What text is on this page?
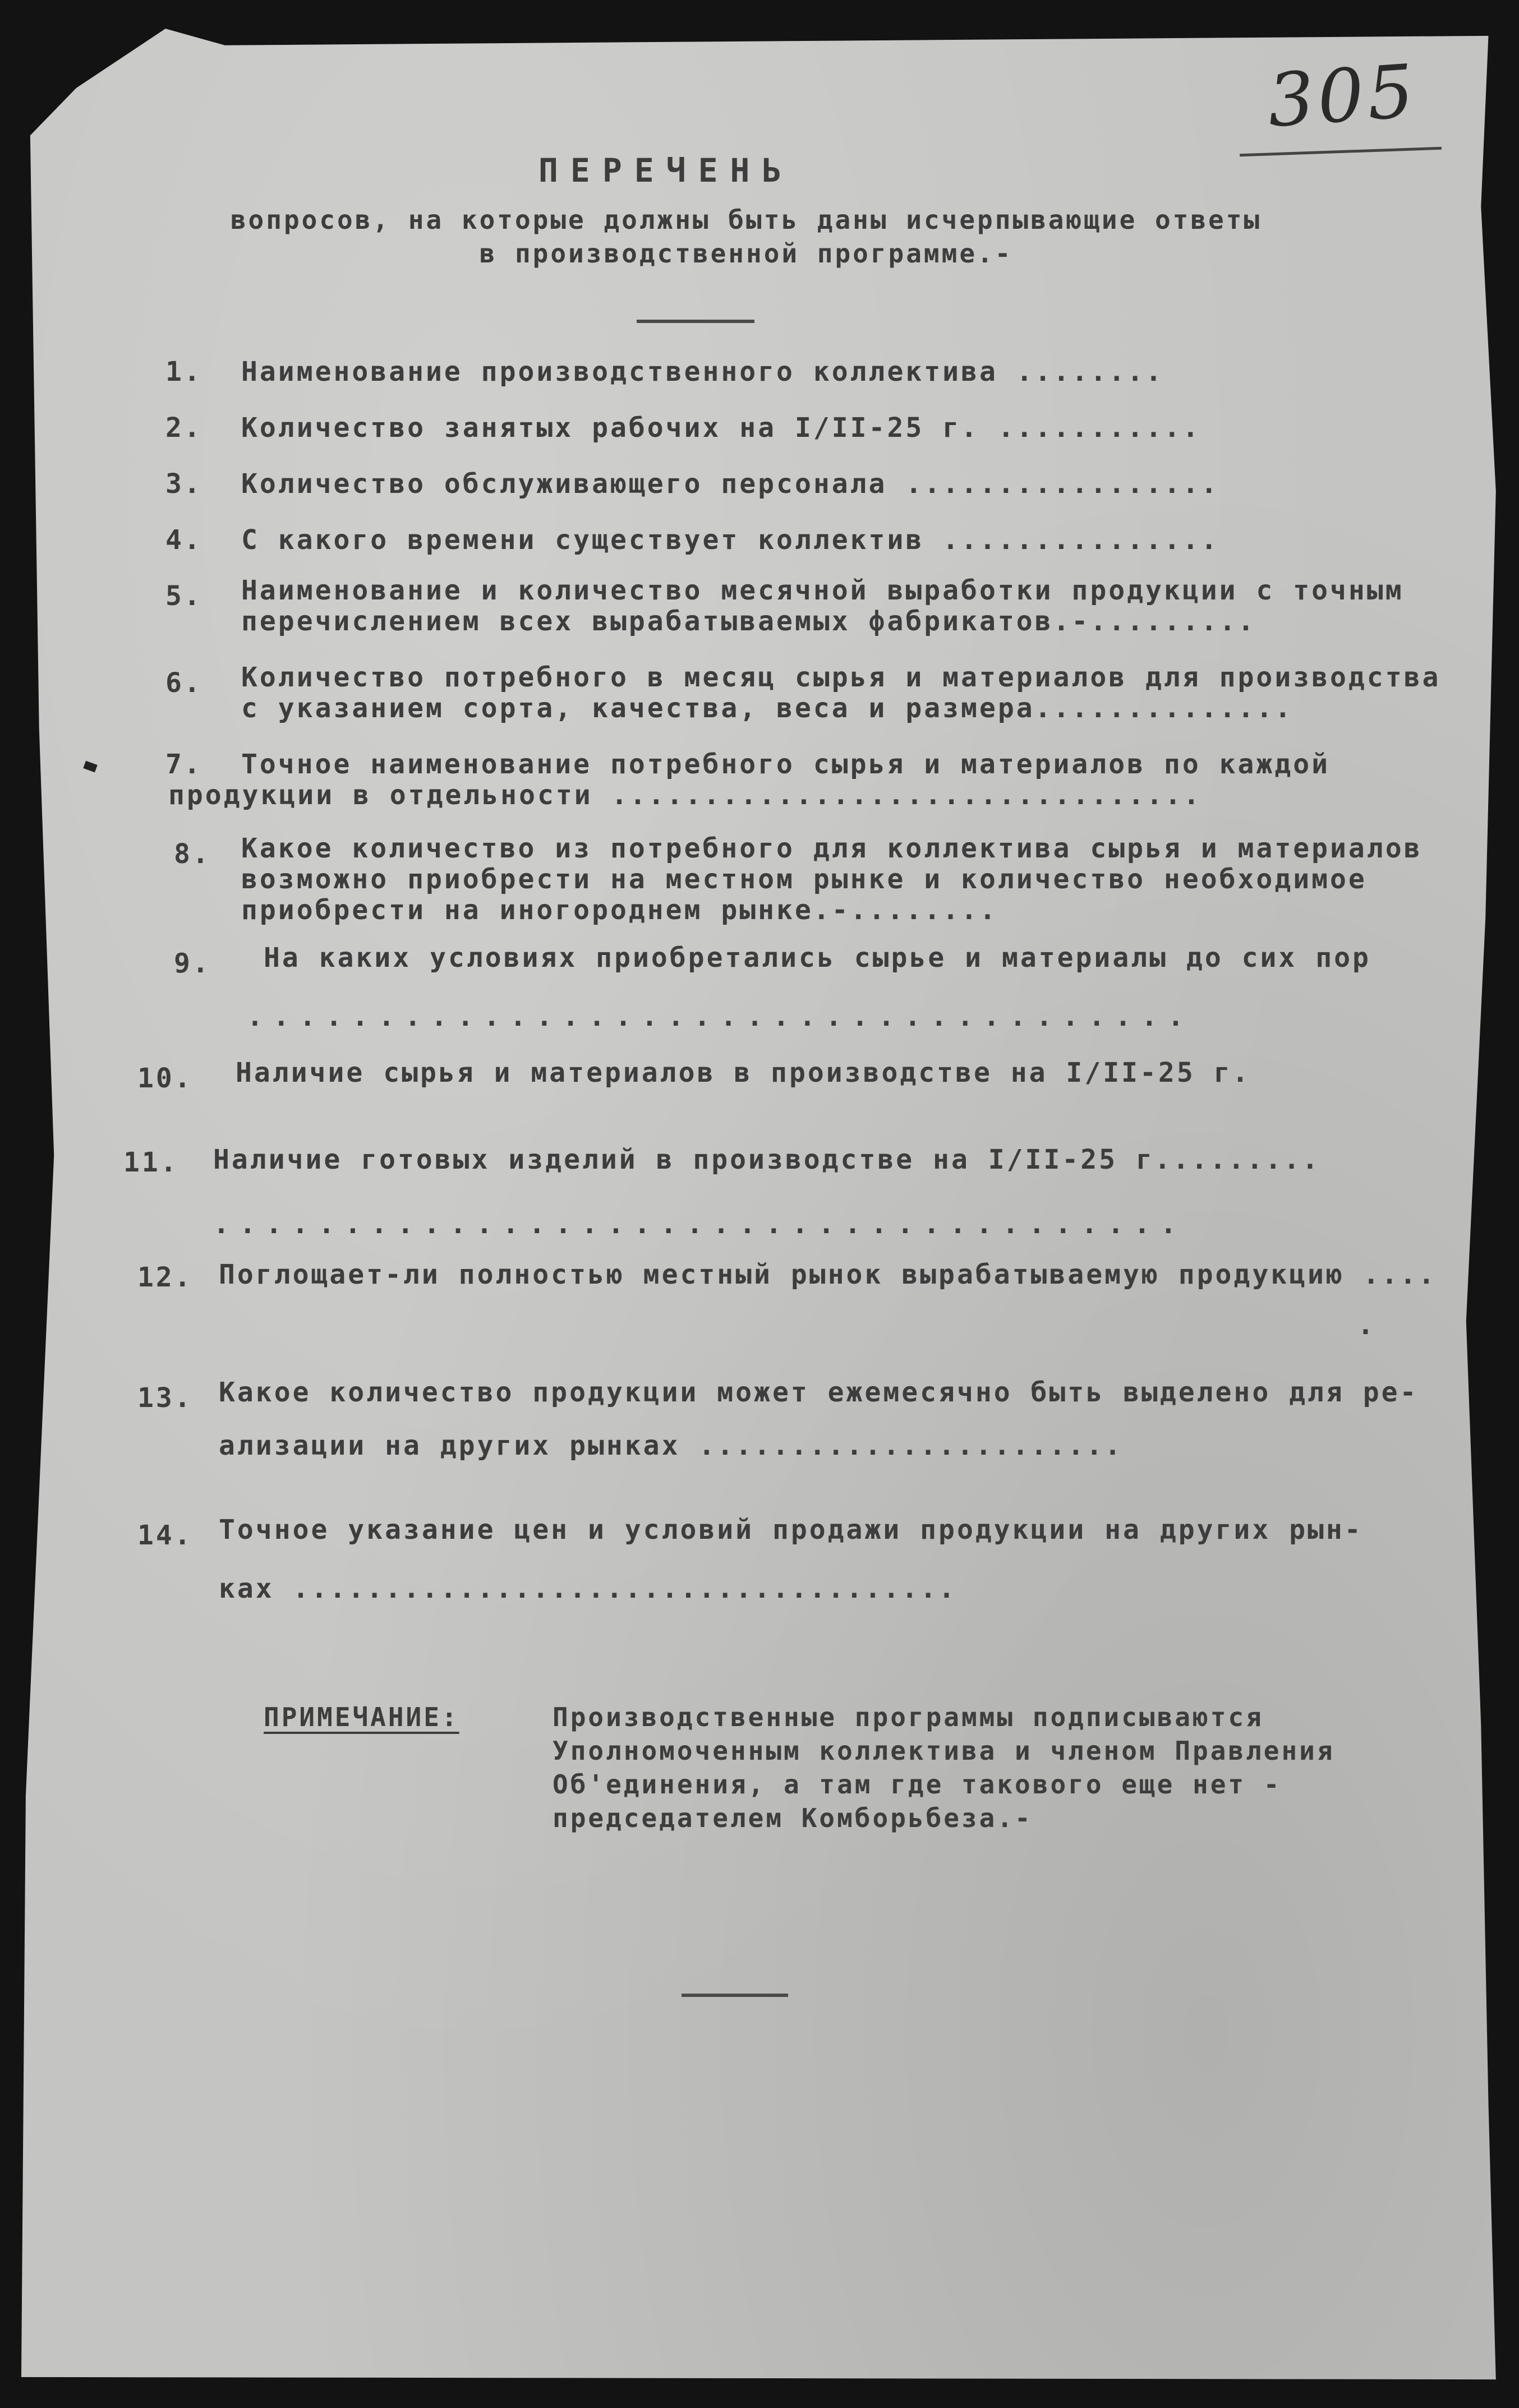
305
ПЕРЕЧЕНЬ
вопросов, на которые должны быть даны исчерпывающие ответы
в производственной программе.-
1. Наименование производственного коллектива ........
2. Количество занятых рабочих на I/II-25 г. ...........
3. Количество обслуживающего персонала .................
4. С какого времени существует коллектив ...............
5. Наименование и количество месячной выработки продукции с точным
перечислением всех вырабатываемых фабрикатов.-.........
6. Количество потребного в месяц сырья и материалов для производства
с указанием сорта, качества, веса и размера..............
7. Точное наименование потребного сырья и материалов по каждой
продукции в отдельности ................................
8. Какое количество из потребного для коллектива сырья и материалов
возможно приобрести на местном рынке и количество необходимое
приобрести на иногороднем рынке.-........
9. На каких условиях приобретались сырье и материалы до сих пор
....................................
10. Наличие сырья и материалов в производстве на I/II-25 г.
11. Наличие готовых изделий в производстве на I/II-25 г.........
.....................................
12. Поглощает-ли полностью местный рынок вырабатываемую продукцию ....
.
13. Какое количество продукции может ежемесячно быть выделено для ре-
ализации на других рынках .......................
14. Точное указание цен и условий продажи продукции на других рын-
ках ....................................
ПРИМЕЧАНИЕ:	Производственные программы подписываются
Уполномоченным коллектива и членом Правления
Об'единения, а там где такового еще нет -
председателем Комборьбеза.-
